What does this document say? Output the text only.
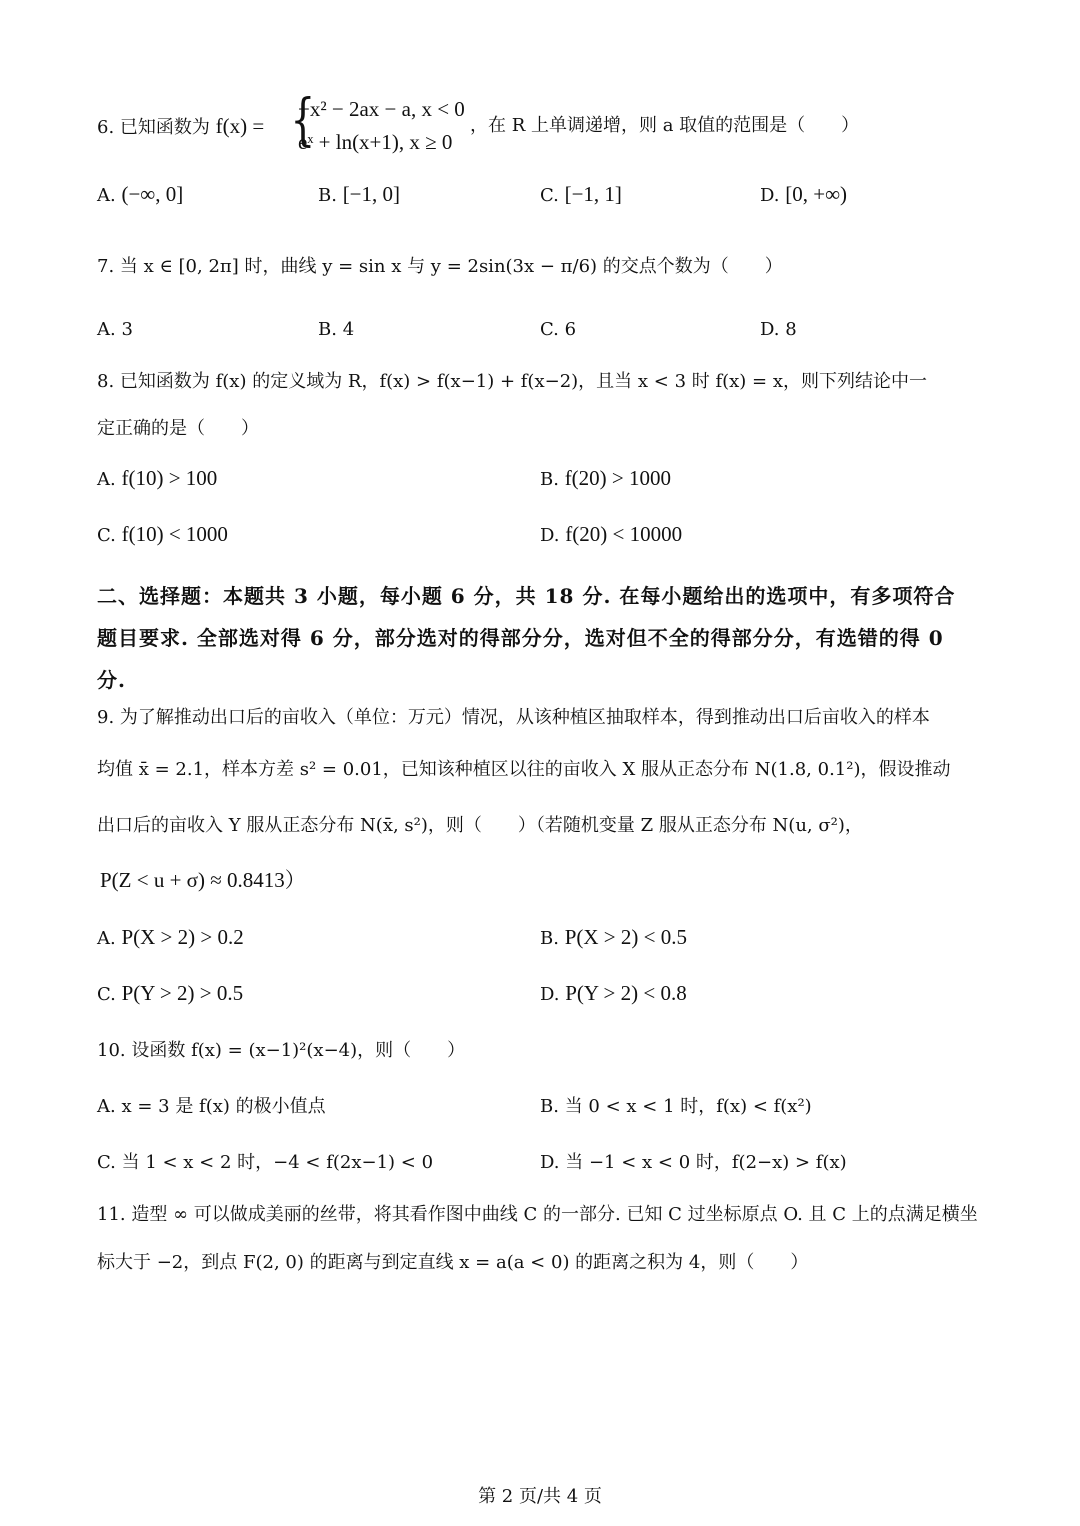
6. 已知函数为 f(x) = {
−x² − 2ax − a, x < 0
eˣ + ln(x+1), x ≥ 0
，在 R 上单调递增，则 a 取值的范围是（　　）
A. (−∞, 0]	B. [−1, 0]	C. [−1, 1]	D. [0, +∞)
7. 当 x ∈ [0, 2π] 时，曲线 y = sin x 与 y = 2sin(3x − π/6) 的交点个数为（　　）
A. 3	B. 4	C. 6	D. 8
8. 已知函数为 f(x) 的定义域为 R，f(x) > f(x−1) + f(x−2)，且当 x < 3 时 f(x) = x，则下列结论中一
定正确的是（　　）
A. f(10) > 100	B. f(20) > 1000
C. f(10) < 1000	D. f(20) < 10000
二、选择题：本题共 3 小题，每小题 6 分，共 18 分. 在每小题给出的选项中，有多项符合
题目要求. 全部选对得 6 分，部分选对的得部分分，选对但不全的得部分分，有选错的得 0
分.
9. 为了解推动出口后的亩收入（单位：万元）情况，从该种植区抽取样本，得到推动出口后亩收入的样本
均值 x̄ = 2.1，样本方差 s² = 0.01，已知该种植区以往的亩收入 X 服从正态分布 N(1.8, 0.1²)，假设推动
出口后的亩收入 Y 服从正态分布 N(x̄, s²)，则（　　）（若随机变量 Z 服从正态分布 N(u, σ²)，
P(Z < u + σ) ≈ 0.8413）
A. P(X > 2) > 0.2	B. P(X > 2) < 0.5
C. P(Y > 2) > 0.5	D. P(Y > 2) < 0.8
10. 设函数 f(x) = (x−1)²(x−4)，则（　　）
A. x = 3 是 f(x) 的极小值点	B. 当 0 < x < 1 时，f(x) < f(x²)
C. 当 1 < x < 2 时，−4 < f(2x−1) < 0	D. 当 −1 < x < 0 时，f(2−x) > f(x)
11. 造型 ∞ 可以做成美丽的丝带，将其看作图中曲线 C 的一部分. 已知 C 过坐标原点 O. 且 C 上的点满足横坐
标大于 −2，到点 F(2, 0) 的距离与到定直线 x = a(a < 0) 的距离之积为 4，则（　　）
第 2 页/共 4 页
